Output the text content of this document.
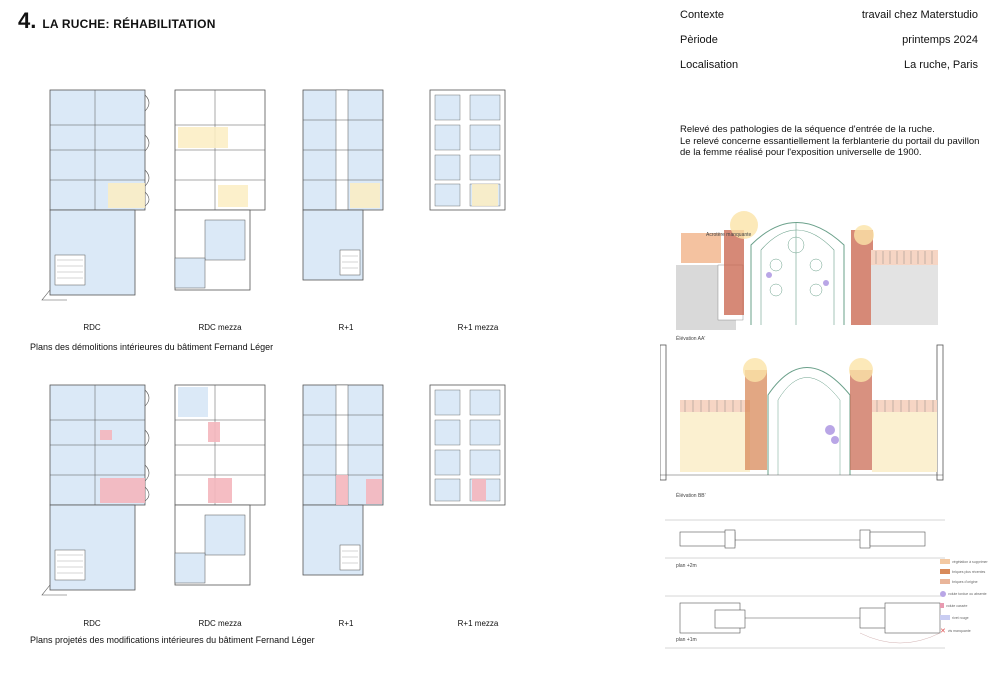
4. LA RUCHE: RÉHABILITATION
Contexte	travail chez Materstudio
Pèriode	printemps 2024
Localisation	La ruche, Paris
Relevé des pathologies de la séquence d'entrée de la ruche.
Le relevé concerne essantiellement la ferblanterie du portail du pavillon de la femme réalisé pour l'exposition universelle de 1900.
RDC	RDC mezza	R+1	R+1 mezza
Plans des démolitions intérieures du bâtiment Fernand Léger
RDC	RDC mezza	R+1	R+1 mezza
Plans projetés des modifications intérieures du bâtiment Fernand Léger
Acrotère manquante
Élévation AA'
Élévation BB'
plan +2m
plan +1m
végétation à supprimer
briques plus récentes
briques d'origine
volute tordue ou absente
volute cassée
rivet rouge
✕ vis manquante
